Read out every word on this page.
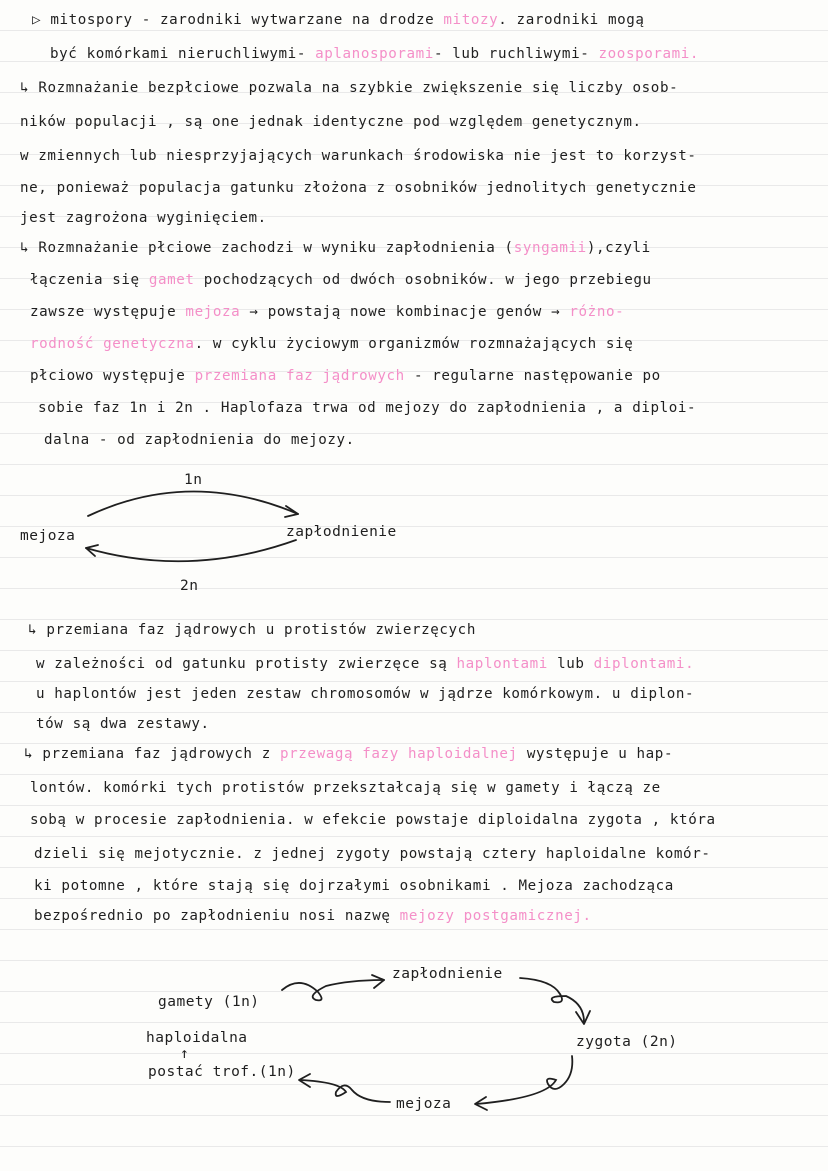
▷ mitospory - zarodniki wytwarzane na drodze mitozy. zarodniki mogą
być komórkami nieruchliwymi- aplanosporami- lub ruchliwymi- zoosporami.
↳ Rozmnażanie bezpłciowe pozwala na szybkie zwiększenie się liczby osob-
ników populacji , są one jednak identyczne pod względem genetycznym.
w zmiennych lub niesprzyjających warunkach środowiska nie jest to korzyst-
ne, ponieważ populacja gatunku złożona z osobników jednolitych genetycznie
jest zagrożona wyginięciem.
↳ Rozmnażanie płciowe zachodzi w wyniku zapłodnienia (syngamii),czyli
łączenia się gamet pochodzących od dwóch osobników. w jego przebiegu
zawsze występuje mejoza → powstają nowe kombinacje genów → różno-
rodność genetyczna. w cyklu życiowym organizmów rozmnażających się
płciowo występuje przemiana faz jądrowych - regularne następowanie po
sobie faz 1n i 2n . Haplofaza trwa od mejozy do zapłodnienia , a diploi-
dalna - od zapłodnienia do mejozy.
1n
mejoza	zapłodnienie
2n
↳ przemiana faz jądrowych u protistów zwierzęcych
w zależności od gatunku protisty zwierzęce są haplontami lub diplontami.
u haplontów jest jeden zestaw chromosomów w jądrze komórkowym. u diplon-
tów są dwa zestawy.
↳ przemiana faz jądrowych z przewagą fazy haploidalnej występuje u hap-
lontów. komórki tych protistów przekształcają się w gamety i łączą ze
sobą w procesie zapłodnienia. w efekcie powstaje diploidalna zygota , która
dzieli się mejotycznie. z jednej zygoty powstają cztery haploidalne komór-
ki potomne , które stają się dojrzałymi osobnikami . Mejoza zachodząca
bezpośrednio po zapłodnieniu nosi nazwę mejozy postgamicznej.
zapłodnienie
gamety (1n)
haploidalna
↑
postać trof.(1n)
zygota (2n)
mejoza
